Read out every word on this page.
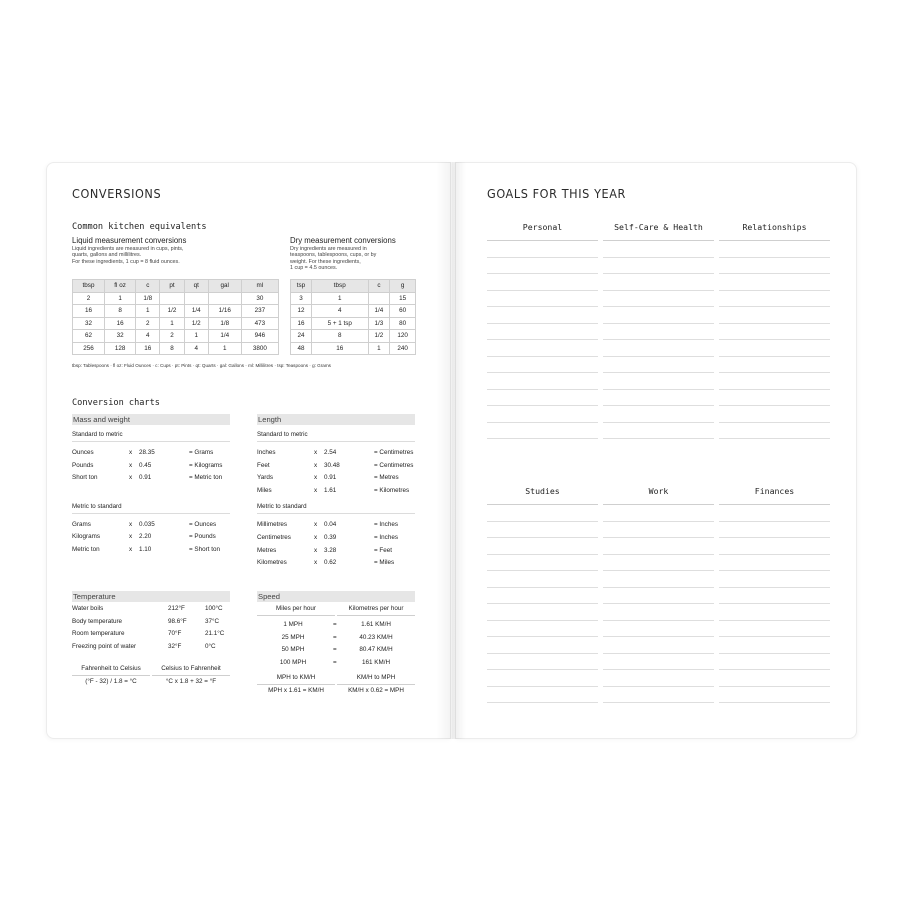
CONVERSIONS
Common kitchen equivalents
Liquid measurement conversions
Liquid ingredients are measured in cups, pints,
quarts, gallons and millilitres.
For these ingredients, 1 cup = 8 fluid ounces.
Dry measurement conversions
Dry ingredients are measured in
teaspoons, tablespoons, cups, or by
weight. For these ingredients,
1 cup = 4.5 ounces.
tbsp	fl oz	c	pt	qt	gal	ml
2	1	1/8				30
16	8	1	1/2	1/4	1/16	237
32	16	2	1	1/2	1/8	473
62	32	4	2	1	1/4	946
256	128	16	8	4	1	3800
tsp	tbsp	c	g
3	1		15
12	4	1/4	60
16	5 + 1 tsp	1/3	80
24	8	1/2	120
48	16	1	240
tbsp: Tablespoons · fl oz: Fluid Ounces · c: Cups · pt: Pints · qt: Quarts · gal: Gallons · ml: Millilitres · tsp: Teaspoons · g: Grams
Conversion charts
Mass and weight
Standard to metric
Ounces	x 28.35	= Grams
Pounds	x 0.45	= Kilograms
Short ton	x 0.91	= Metric ton
Metric to standard
Grams	x 0.035	= Ounces
Kilograms	x 2.20	= Pounds
Metric ton	x 1.10	= Short ton
Length
Standard to metric
Inches	x 2.54	= Centimetres
Feet	x 30.48	= Centimetres
Yards	x 0.91	= Metres
Miles	x 1.61	= Kilometres
Metric to standard
Millimetres	x 0.04	= Inches
Centimetres	x 0.39	= Inches
Metres	x 3.28	= Feet
Kilometres	x 0.62	= Miles
Temperature
Water boils	212°F	100°C
Body temperature	98.6°F	37°C
Room temperature	70°F	21.1°C
Freezing point of water	32°F	0°C
Fahrenheit to Celsius	Celsius to Fahrenheit
(°F - 32) / 1.8 = °C	°C x 1.8 + 32 = °F
Speed
Miles per hour	Kilometres per hour
1 MPH	=	1.61 KM/H
25 MPH	=	40.23 KM/H
50 MPH	=	80.47 KM/H
100 MPH	=	161 KM/H
MPH to KM/H	KM/H to MPH
MPH x 1.61 = KM/H	KM/H x 0.62 = MPH
GOALS FOR THIS YEAR
Personal	Self-Care & Health	Relationships
Studies	Work	Finances
